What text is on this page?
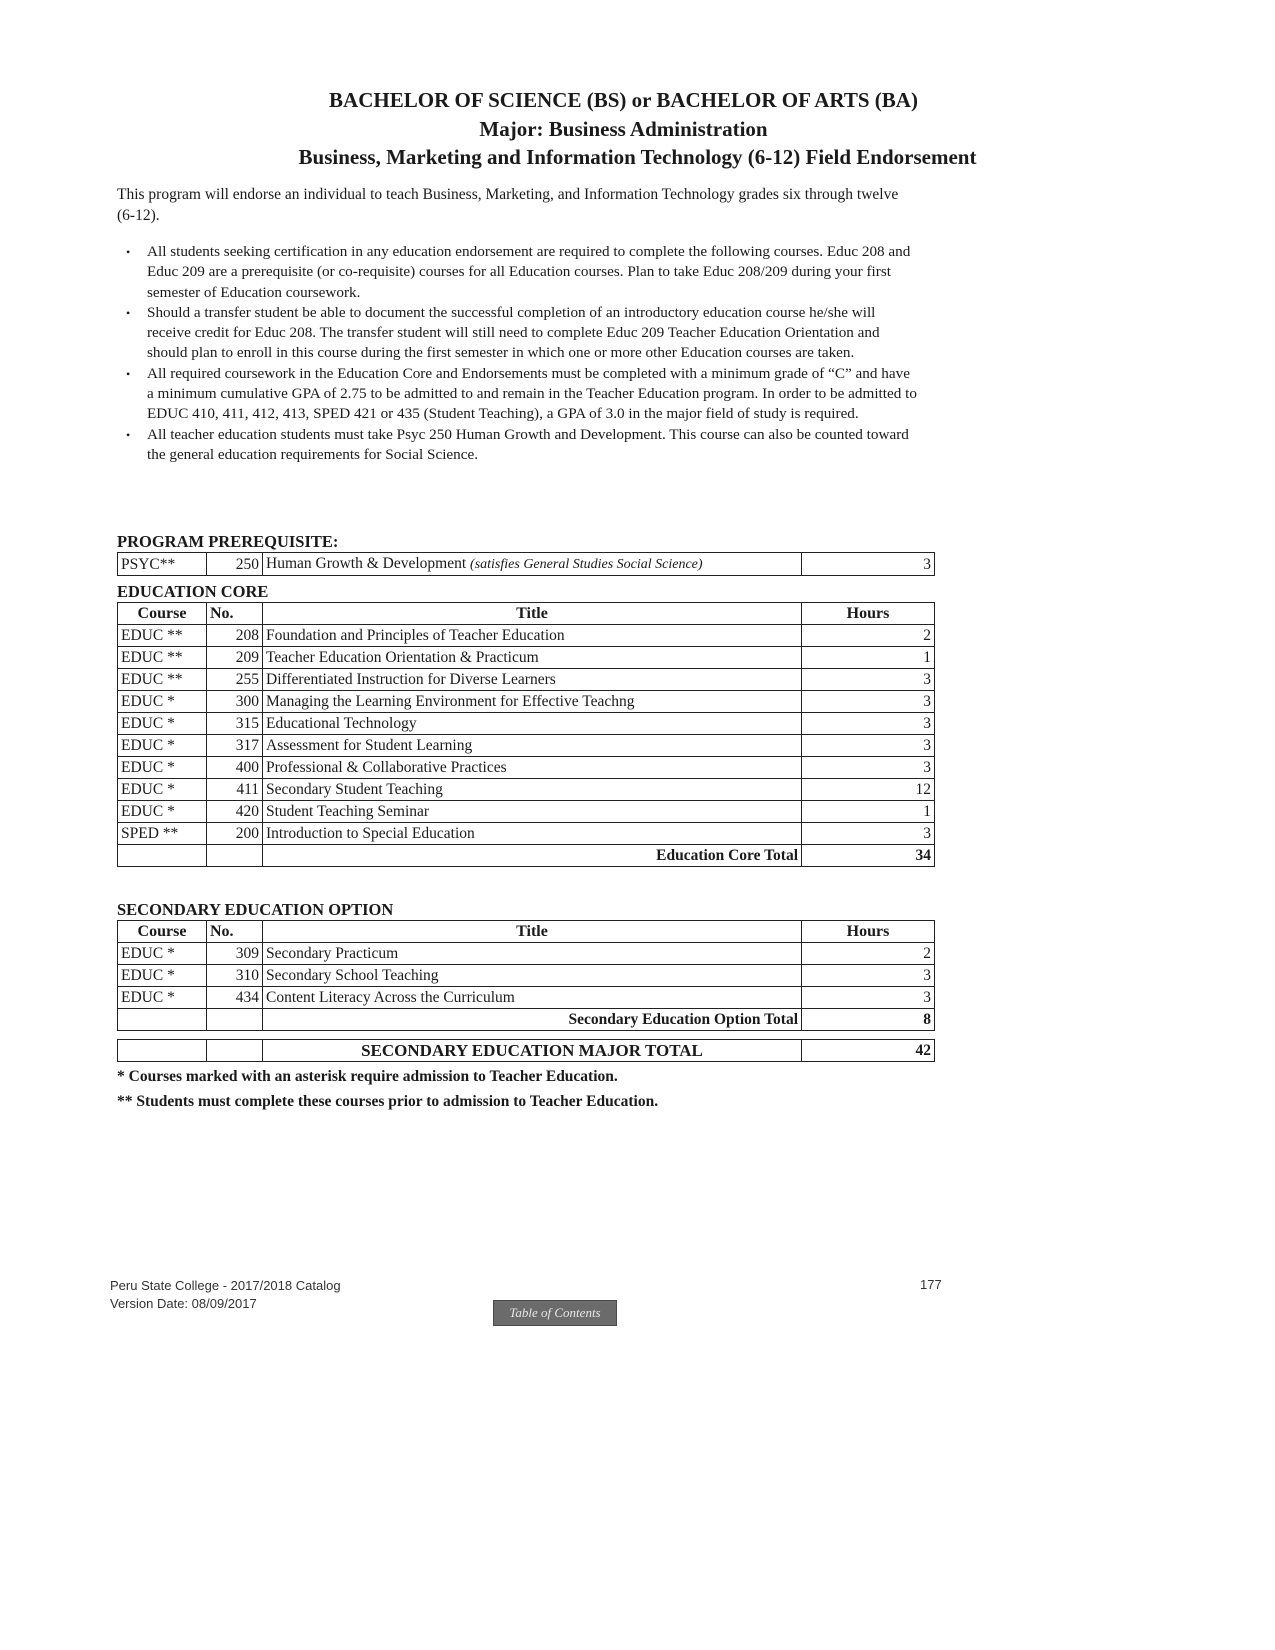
BACHELOR OF SCIENCE (BS) or BACHELOR OF ARTS (BA)
Major: Business Administration
Business, Marketing and Information Technology (6-12) Field Endorsement
This program will endorse an individual to teach Business, Marketing, and Information Technology grades six through twelve (6-12).
• All students seeking certification in any education endorsement are required to complete the following courses. Educ 208 and Educ 209 are a prerequisite (or co-requisite) courses for all Education courses. Plan to take Educ 208/209 during your first semester of Education coursework.
• Should a transfer student be able to document the successful completion of an introductory education course he/she will receive credit for Educ 208. The transfer student will still need to complete Educ 209 Teacher Education Orientation and should plan to enroll in this course during the first semester in which one or more other Education courses are taken.
• All required coursework in the Education Core and Endorsements must be completed with a minimum grade of “C” and have a minimum cumulative GPA of 2.75 to be admitted to and remain in the Teacher Education program. In order to be admitted to EDUC 410, 411, 412, 413, SPED 421 or 435 (Student Teaching), a GPA of 3.0 in the major field of study is required.
• All teacher education students must take Psyc 250 Human Growth and Development. This course can also be counted toward the general education requirements for Social Science.
PROGRAM PREREQUISITE:
PSYC**	250	Human Growth & Development (satisfies General Studies Social Science)	3
EDUCATION CORE
Course	No.	Title	Hours
EDUC **	208	Foundation and Principles of Teacher Education	2
EDUC **	209	Teacher Education Orientation & Practicum	1
EDUC **	255	Differentiated Instruction for Diverse Learners	3
EDUC *	300	Managing the Learning Environment for Effective Teachng	3
EDUC *	315	Educational Technology	3
EDUC *	317	Assessment for Student Learning	3
EDUC *	400	Professional & Collaborative Practices	3
EDUC *	411	Secondary Student Teaching	12
EDUC *	420	Student Teaching Seminar	1
SPED **	200	Introduction to Special Education	3
		Education Core Total	34
SECONDARY EDUCATION OPTION
Course	No.	Title	Hours
EDUC *	309	Secondary Practicum	2
EDUC *	310	Secondary School Teaching	3
EDUC *	434	Content Literacy Across the Curriculum	3
		Secondary Education Option Total	8
		SECONDARY EDUCATION MAJOR TOTAL	42
* Courses marked with an asterisk require admission to Teacher Education.
** Students must complete these courses prior to admission to Teacher Education.
Peru State College - 2017/2018 Catalog
Version Date: 08/09/2017
177
Table of Contents
